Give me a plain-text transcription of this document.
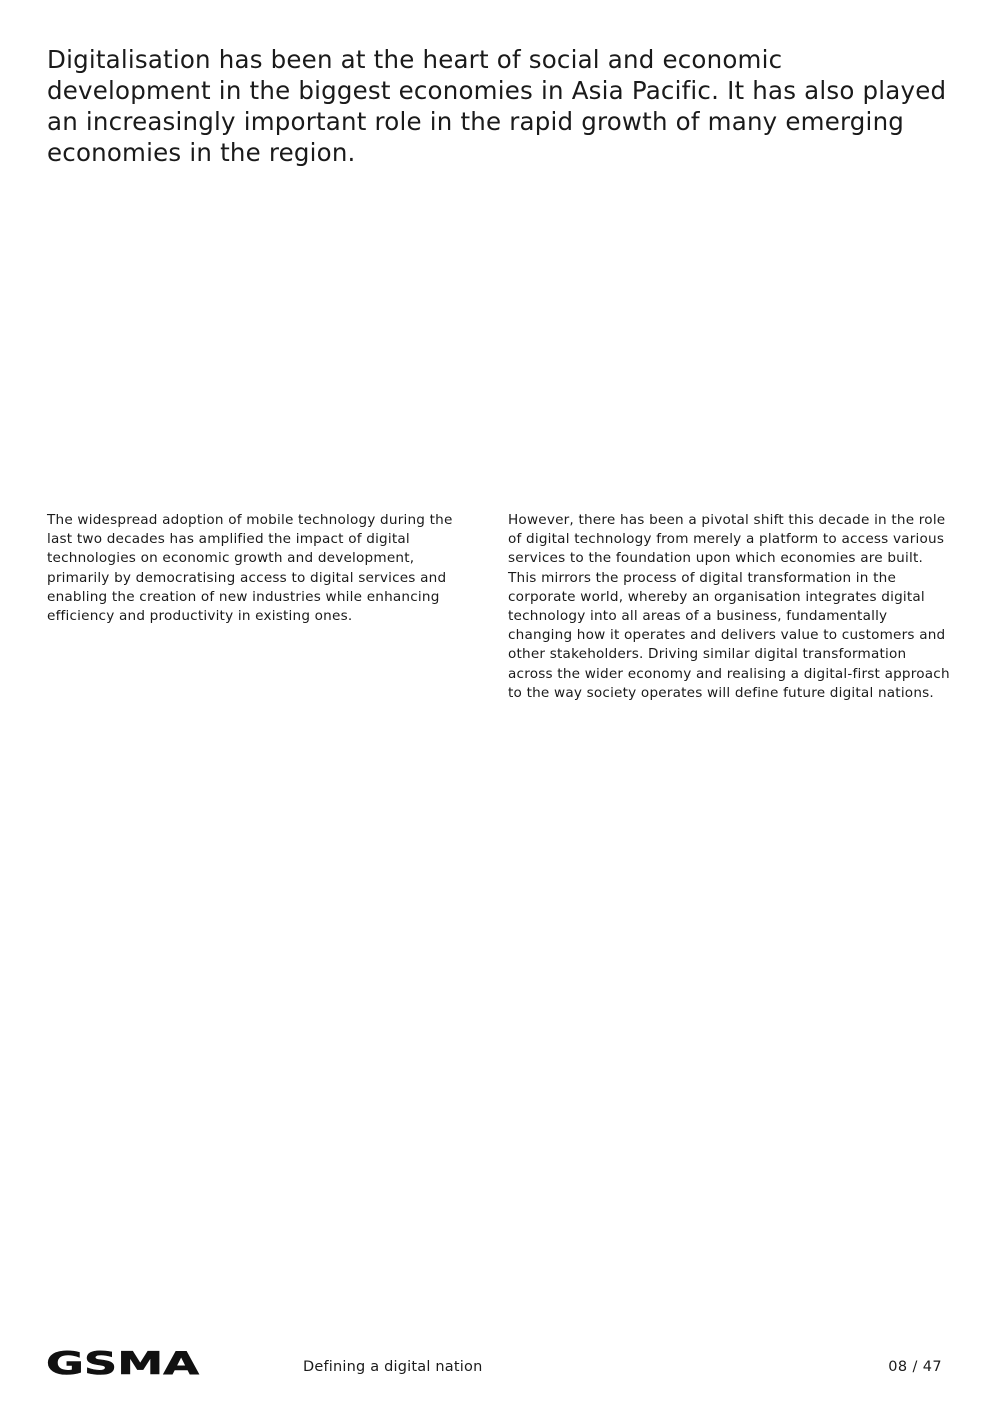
Digitalisation has been at the heart of social and economic development in the biggest economies in Asia Pacific. It has also played an increasingly important role in the rapid growth of many emerging economies in the region.

The widespread adoption of mobile technology during the last two decades has amplified the impact of digital technologies on economic growth and development, primarily by democratising access to digital services and enabling the creation of new industries while enhancing efficiency and productivity in existing ones.

However, there has been a pivotal shift this decade in the role of digital technology from merely a platform to access various services to the foundation upon which economies are built. This mirrors the process of digital transformation in the corporate world, whereby an organisation integrates digital technology into all areas of a business, fundamentally changing how it operates and delivers value to customers and other stakeholders. Driving similar digital transformation across the wider economy and realising a digital-first approach to the way society operates will define future digital nations.

GSMA	Defining a digital nation	08 / 47
